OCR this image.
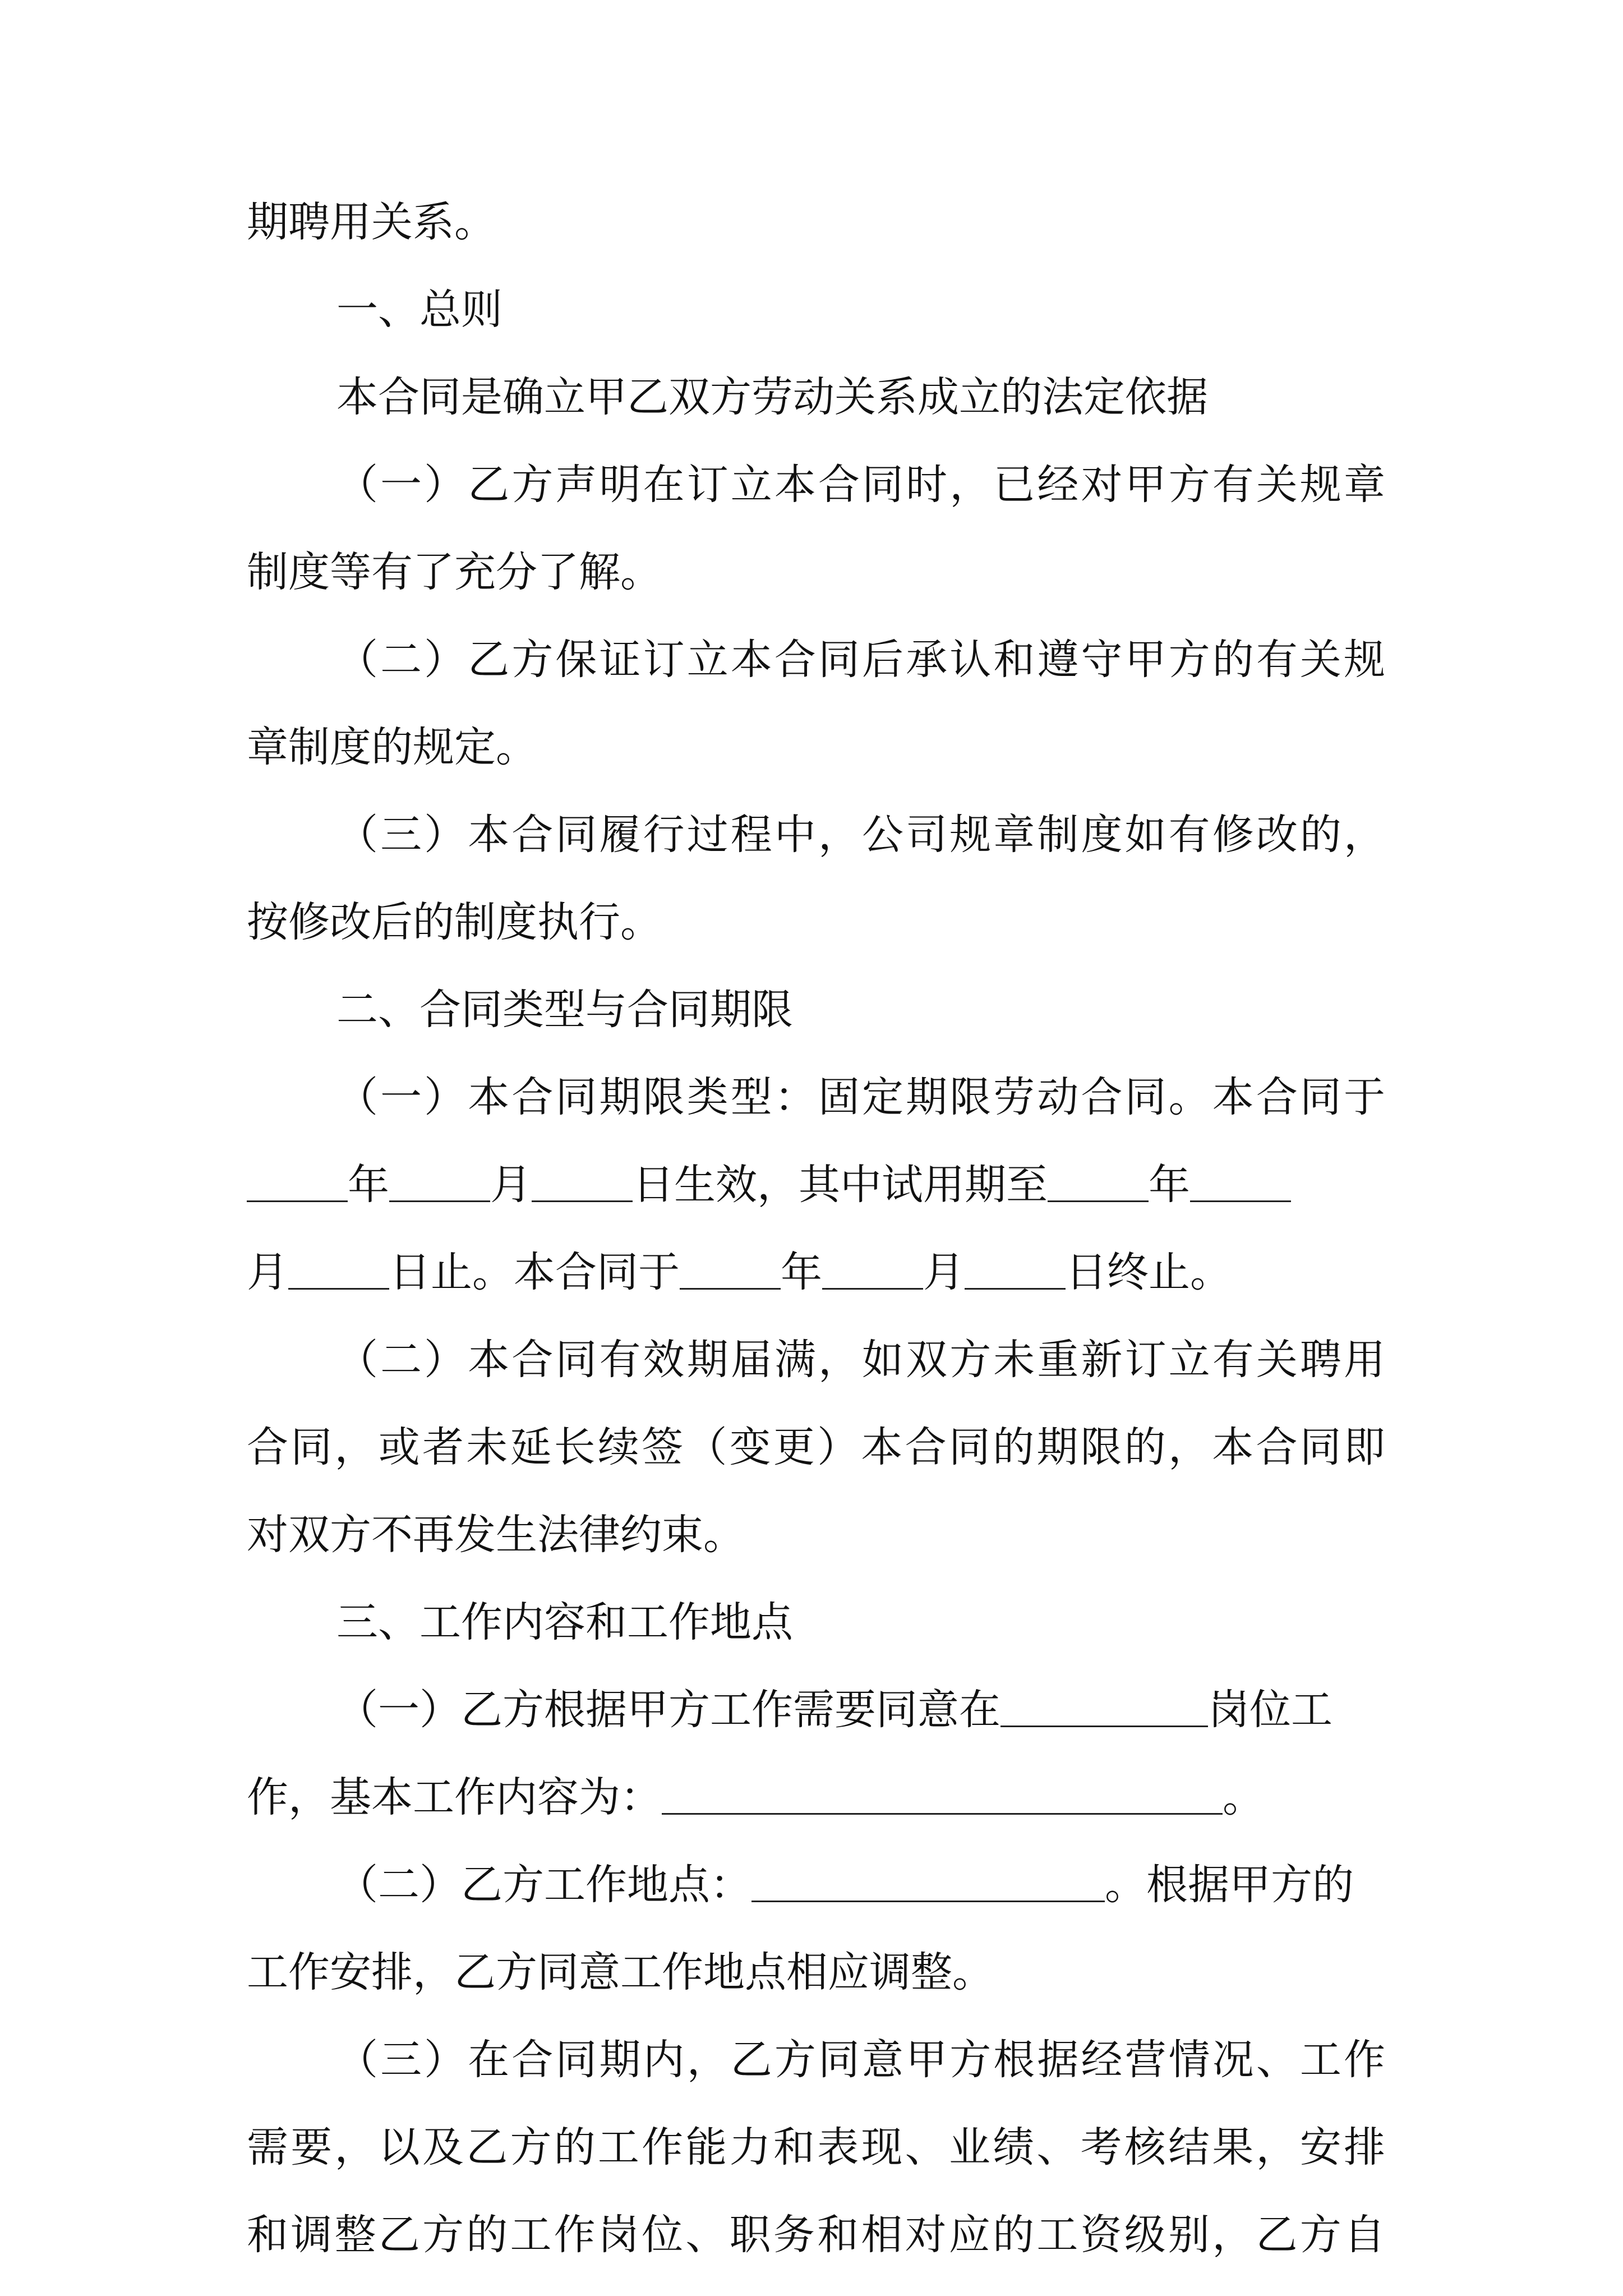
期聘用关系。
一、总则
本合同是确立甲乙双方劳动关系成立的法定依据
（一）乙方声明在订立本合同时，已经对甲方有关规章
制度等有了充分了解。
（二）乙方保证订立本合同后承认和遵守甲方的有关规
章制度的规定。
（三）本合同履行过程中，公司规章制度如有修改的，
按修改后的制度执行。
二、合同类型与合同期限
（一）本合同期限类型：固定期限劳动合同。本合同于
年 月 日生效，其中试用期至 年
月 日止。本合同于 年 月 日终止。
（二）本合同有效期届满，如双方未重新订立有关聘用
合同，或者未延长续签（变更）本合同的期限的，本合同即
对双方不再发生法律约束。
三、工作内容和工作地点
（一）乙方根据甲方工作需要同意在	岗位工
作，基本工作内容为：	。
（二）乙方工作地点：	。根据甲方的
工作安排，乙方同意工作地点相应调整。
（三）在合同期内，乙方同意甲方根据经营情况、工作
需要，以及乙方的工作能力和表现、业绩、考核结果，安排
和调整乙方的工作岗位、职务和相对应的工资级别，乙方自
